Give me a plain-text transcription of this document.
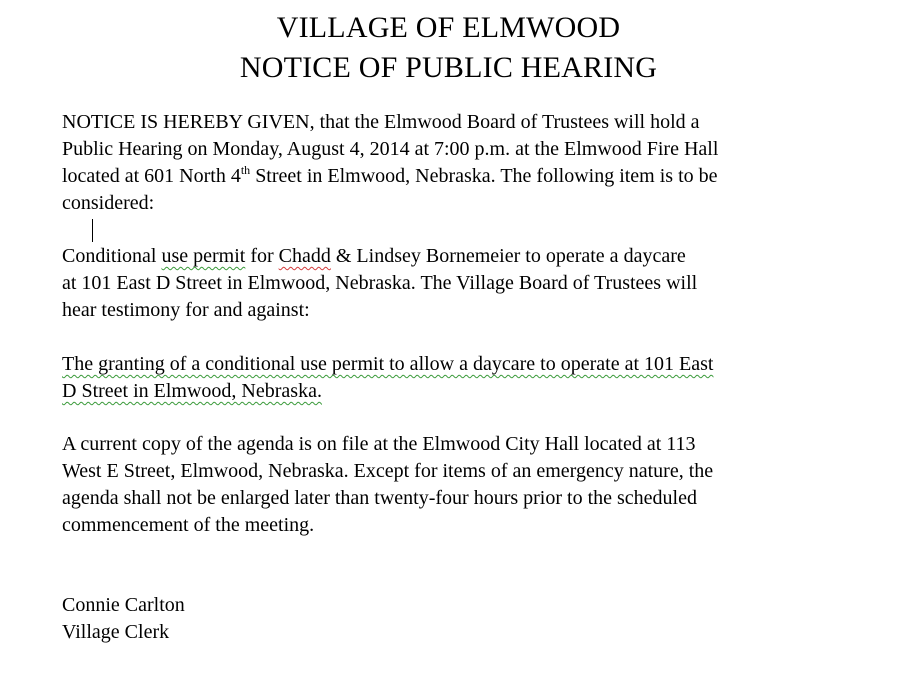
VILLAGE OF ELMWOOD
NOTICE OF PUBLIC HEARING
NOTICE IS HEREBY GIVEN, that the Elmwood Board of Trustees will hold a
Public Hearing on Monday, August 4, 2014 at 7:00 p.m. at the Elmwood Fire Hall
located at 601 North 4th Street in Elmwood, Nebraska. The following item is to be
considered:
Conditional use permit for Chadd & Lindsey Bornemeier to operate a daycare
at 101 East D Street in Elmwood, Nebraska. The Village Board of Trustees will
hear testimony for and against:
The granting of a conditional use permit to allow a daycare to operate at 101 East
D Street in Elmwood, Nebraska.
A current copy of the agenda is on file at the Elmwood City Hall located at 113
West E Street, Elmwood, Nebraska. Except for items of an emergency nature, the
agenda shall not be enlarged later than twenty-four hours prior to the scheduled
commencement of the meeting.
Connie Carlton
Village Clerk
